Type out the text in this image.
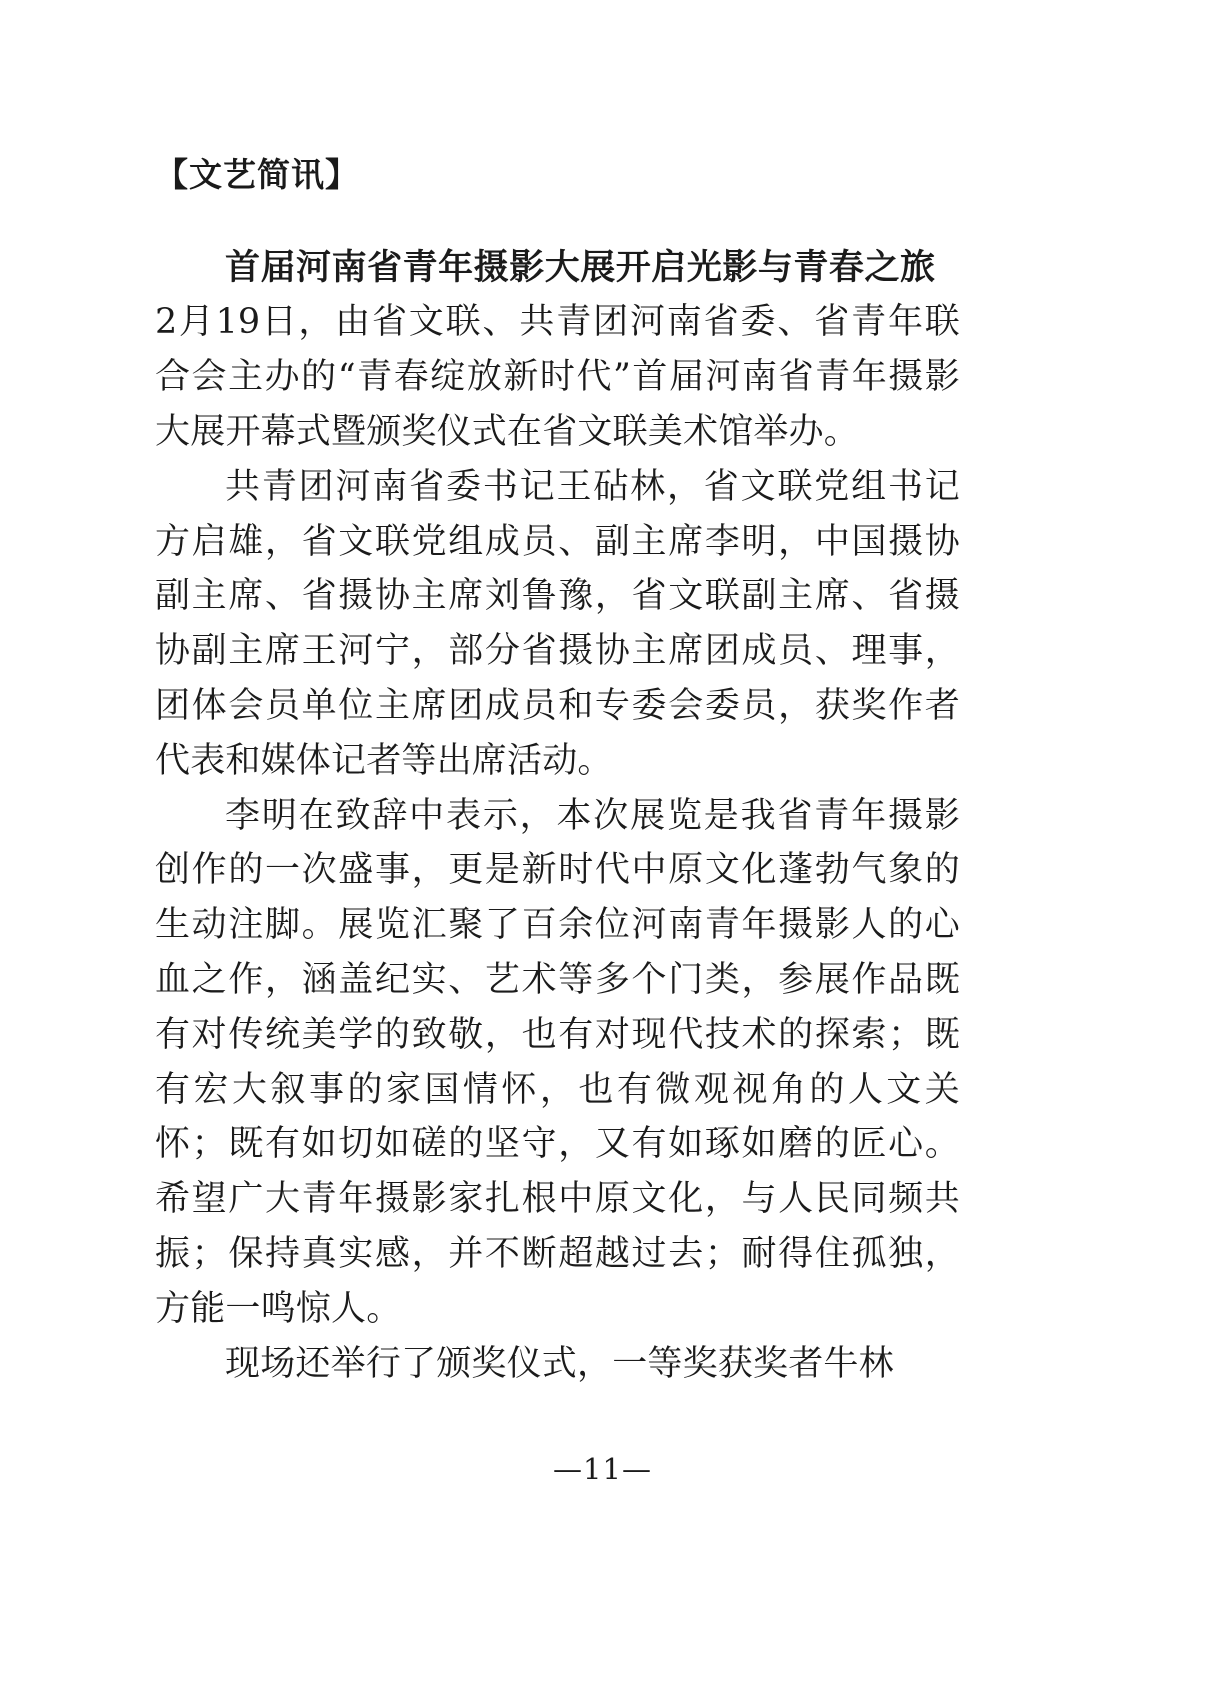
【文艺简讯】

首届河南省青年摄影大展开启光影与青春之旅2月19日，由省文联、共青团河南省委、省青年联合会主办的“青春绽放新时代”首届河南省青年摄影大展开幕式暨颁奖仪式在省文联美术馆举办。

共青团河南省委书记王砧林，省文联党组书记方启雄，省文联党组成员、副主席李明，中国摄协副主席、省摄协主席刘鲁豫，省文联副主席、省摄协副主席王河宁，部分省摄协主席团成员、理事，团体会员单位主席团成员和专委会委员，获奖作者代表和媒体记者等出席活动。

李明在致辞中表示，本次展览是我省青年摄影创作的一次盛事，更是新时代中原文化蓬勃气象的生动注脚。展览汇聚了百余位河南青年摄影人的心血之作，涵盖纪实、艺术等多个门类，参展作品既有对传统美学的致敬，也有对现代技术的探索；既有宏大叙事的家国情怀，也有微观视角的人文关怀；既有如切如磋的坚守，又有如琢如磨的匠心。希望广大青年摄影家扎根中原文化，与人民同频共振；保持真实感，并不断超越过去；耐得住孤独，方能一鸣惊人。

现场还举行了颁奖仪式，一等奖获奖者牛林

—11—
